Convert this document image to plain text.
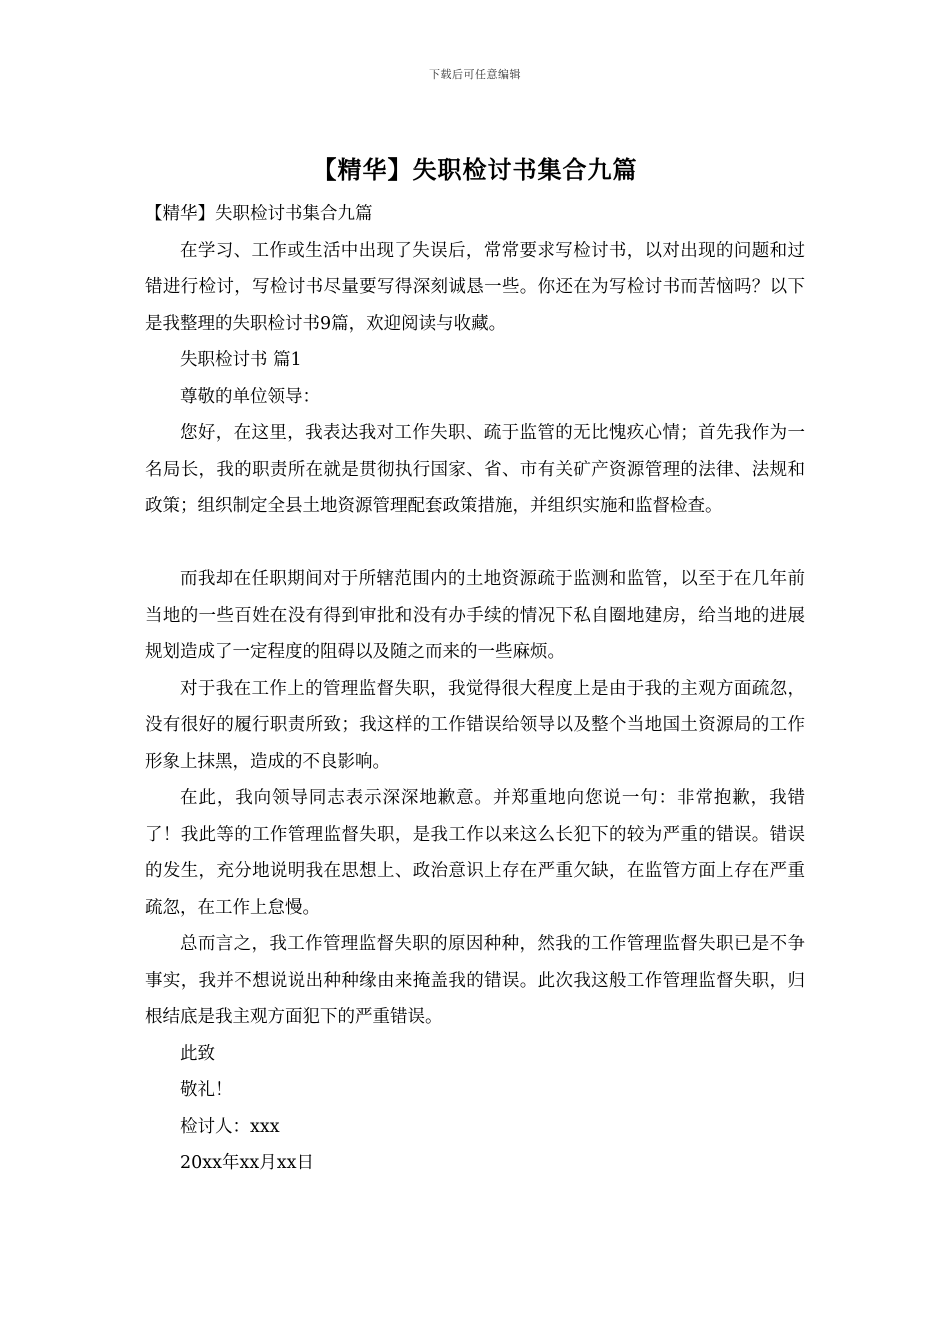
下载后可任意编辑
【精华】失职检讨书集合九篇

【精华】失职检讨书集合九篇

在学习、工作或生活中出现了失误后，常常要求写检讨书，以对出现的问题和过错进行检讨，写检讨书尽量要写得深刻诚恳一些。你还在为写检讨书而苦恼吗？以下是我整理的失职检讨书9篇，欢迎阅读与收藏。

失职检讨书 篇1

尊敬的单位领导：

您好，在这里，我表达我对工作失职、疏于监管的无比愧疚心情；首先我作为一名局长，我的职责所在就是贯彻执行国家、省、市有关矿产资源管理的法律、法规和政策；组织制定全县土地资源管理配套政策措施，并组织实施和监督检查。

而我却在任职期间对于所辖范围内的土地资源疏于监测和监管，以至于在几年前当地的一些百姓在没有得到审批和没有办手续的情况下私自圈地建房，给当地的进展规划造成了一定程度的阻碍以及随之而来的一些麻烦。

对于我在工作上的管理监督失职，我觉得很大程度上是由于我的主观方面疏忽，没有很好的履行职责所致；我这样的工作错误给领导以及整个当地国土资源局的工作形象上抹黑，造成的不良影响。

在此，我向领导同志表示深深地歉意。并郑重地向您说一句：非常抱歉，我错了！我此等的工作管理监督失职，是我工作以来这么长犯下的较为严重的错误。错误的发生，充分地说明我在思想上、政治意识上存在严重欠缺，在监管方面上存在严重疏忽，在工作上怠慢。

总而言之，我工作管理监督失职的原因种种，然我的工作管理监督失职已是不争事实，我并不想说说出种种缘由来掩盖我的错误。此次我这般工作管理监督失职，归根结底是我主观方面犯下的严重错误。

此致

敬礼！

检讨人：xxx

20xx年xx月xx日
